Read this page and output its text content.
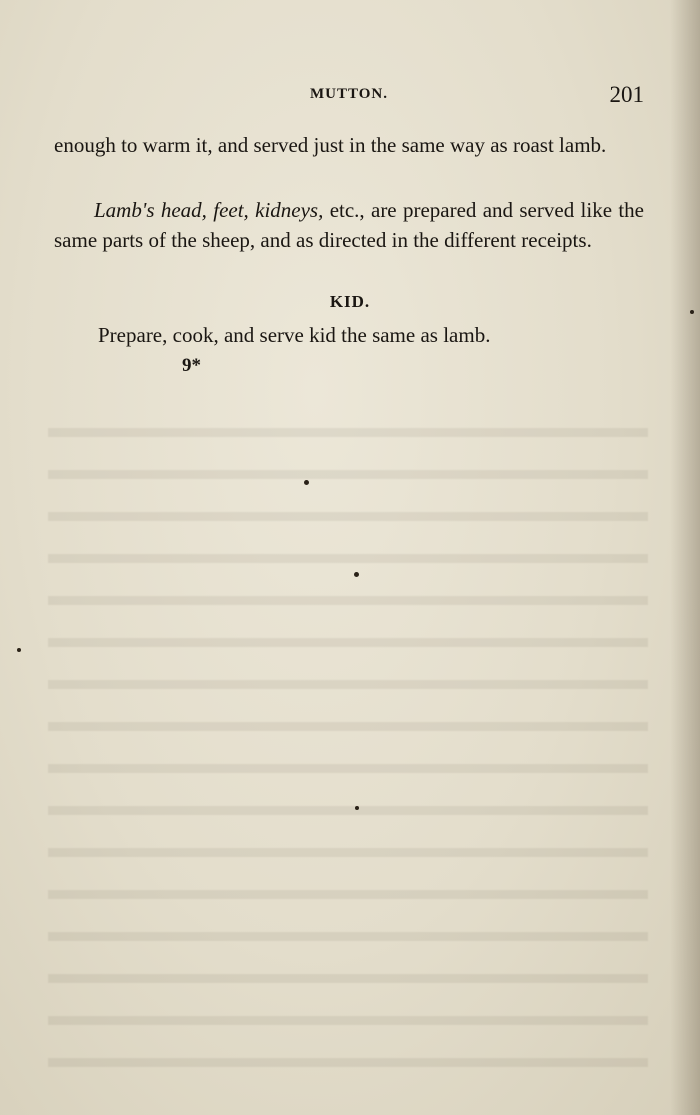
MUTTON.	201
enough to warm it, and served just in the same way as roast lamb.
Lamb's head, feet, kidneys, etc., are prepared and served like the same parts of the sheep, and as directed in the different receipts.
KID.
Prepare, cook, and serve kid the same as lamb.
9*
